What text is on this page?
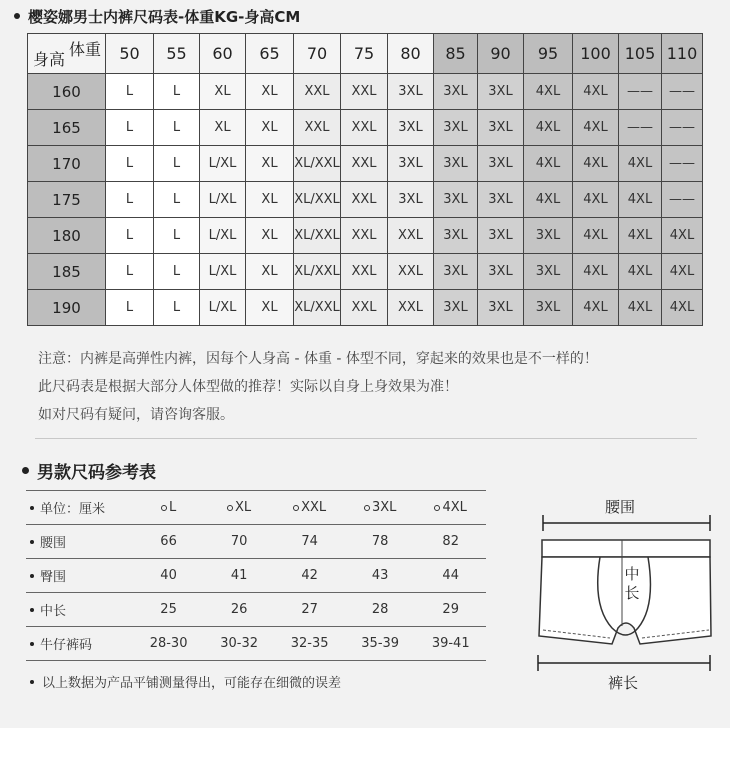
樱姿娜男士内裤尺码表-体重KG-身高CM
体重
身高	50	55	60	65	70	75	80	85	90	95	100	105	110
160	L	L	XL	XL	XXL	XXL	3XL	3XL	3XL	4XL	4XL	——	——
165	L	L	XL	XL	XXL	XXL	3XL	3XL	3XL	4XL	4XL	——	——
170	L	L	L/XL	XL	XL/XXL	XXL	3XL	3XL	3XL	4XL	4XL	4XL	——
175	L	L	L/XL	XL	XL/XXL	XXL	3XL	3XL	3XL	4XL	4XL	4XL	——
180	L	L	L/XL	XL	XL/XXL	XXL	XXL	3XL	3XL	3XL	4XL	4XL	4XL
185	L	L	L/XL	XL	XL/XXL	XXL	XXL	3XL	3XL	3XL	4XL	4XL	4XL
190	L	L	L/XL	XL	XL/XXL	XXL	XXL	3XL	3XL	3XL	4XL	4XL	4XL
注意：内裤是高弹性内裤，因每个人身高 - 体重 - 体型不同，穿起来的效果也是不一样的！
此尺码表是根据大部分人体型做的推荐！实际以自身上身效果为准！
如对尺码有疑问，请咨询客服。
男款尺码参考表
单位：厘米	L	XL	XXL	3XL	4XL
腰围	66	70	74	78	82
臀围	40	41	42	43	44
中长	25	26	27	28	29
牛仔裤码	28-30	30-32	32-35	35-39	39-41
以上数据为产品平铺测量得出，可能存在细微的误差
腰围
中
长
裤长
